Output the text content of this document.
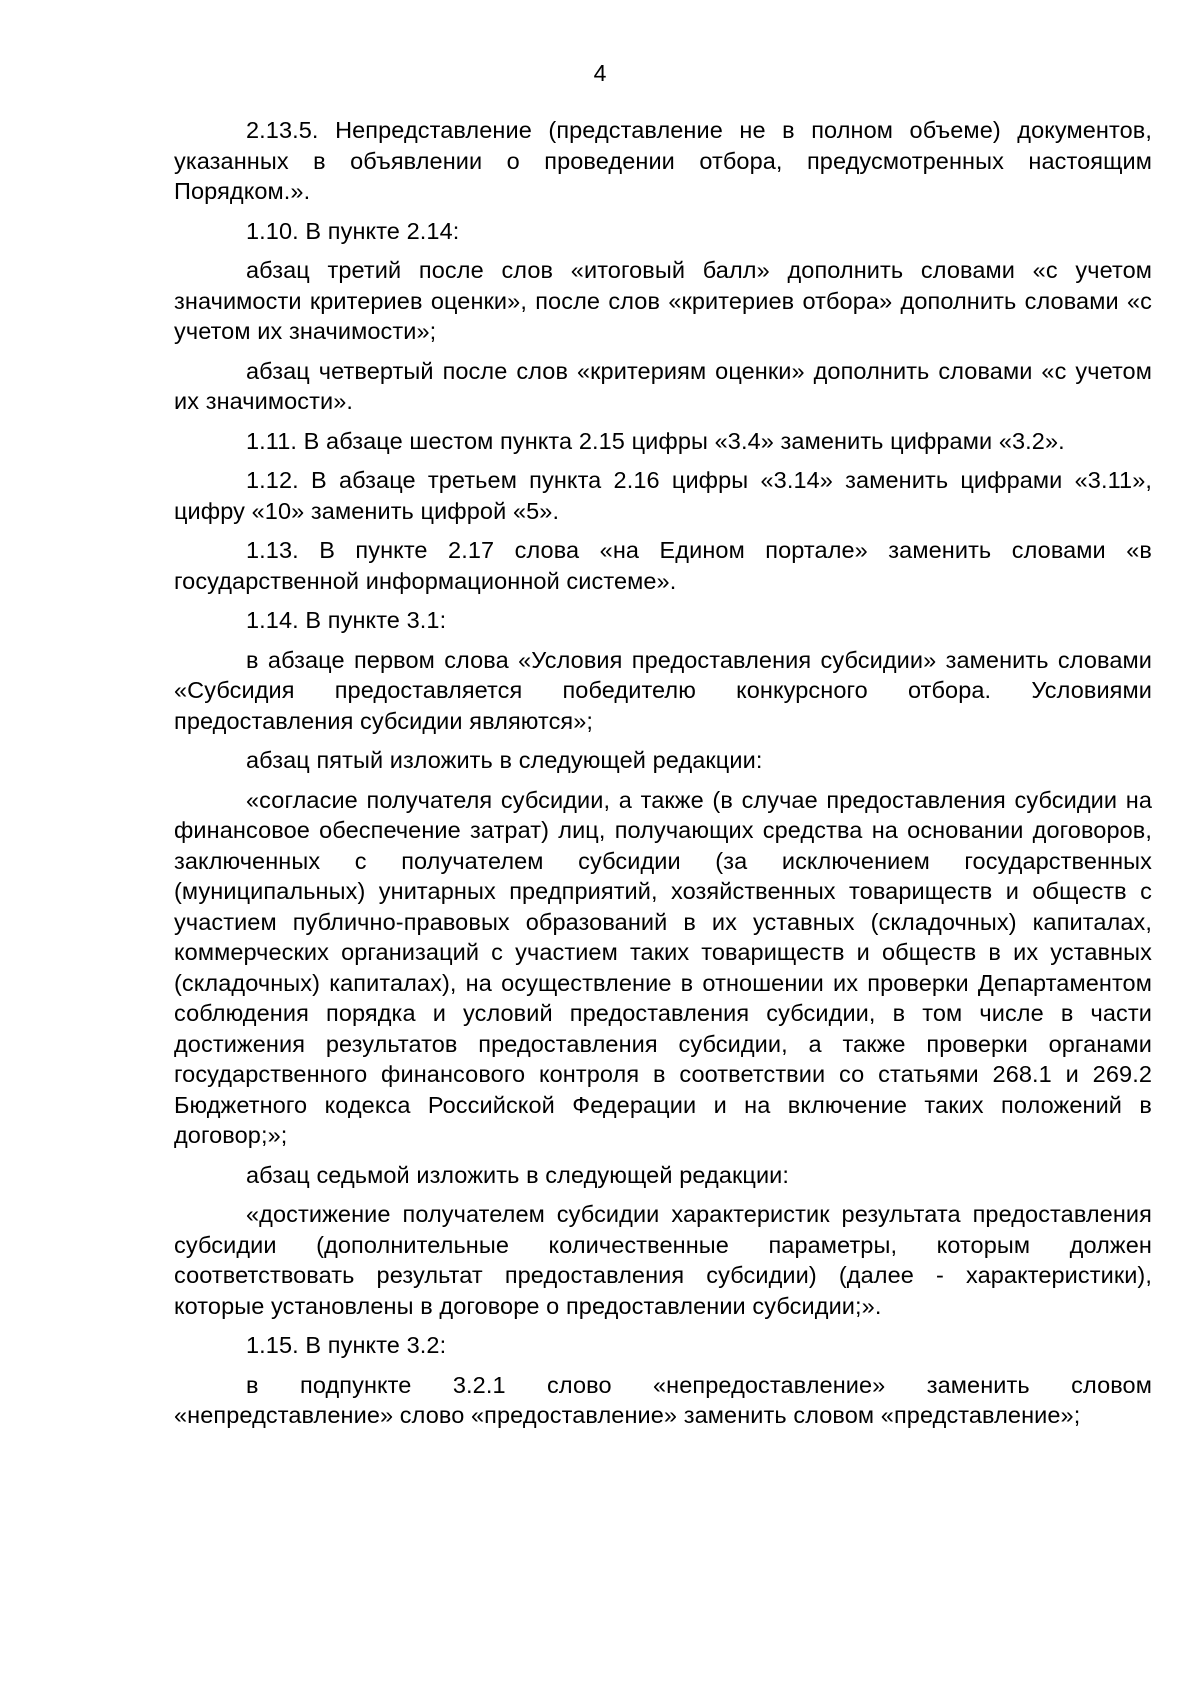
4

2.13.5. Непредставление (представление не в полном объеме) документов, указанных в объявлении о проведении отбора, предусмотренных настоящим Порядком.».

1.10. В пункте 2.14:

абзац третий после слов «итоговый балл» дополнить словами «с учетом значимости критериев оценки», после слов «критериев отбора» дополнить словами «с учетом их значимости»;

абзац четвертый после слов «критериям оценки» дополнить словами «с учетом их значимости».

1.11. В абзаце шестом пункта 2.15 цифры «3.4» заменить цифрами «3.2».

1.12. В абзаце третьем пункта 2.16 цифры «3.14» заменить цифрами «3.11», цифру «10» заменить цифрой «5».

1.13. В пункте 2.17 слова «на Едином портале» заменить словами «в государственной информационной системе».

1.14. В пункте 3.1:

в абзаце первом слова «Условия предоставления субсидии» заменить словами «Субсидия предоставляется победителю конкурсного отбора. Условиями предоставления субсидии являются»;

абзац пятый изложить в следующей редакции:

«согласие получателя субсидии, а также (в случае предоставления субсидии на финансовое обеспечение затрат) лиц, получающих средства на основании договоров, заключенных с получателем субсидии (за исключением государственных (муниципальных) унитарных предприятий, хозяйственных товариществ и обществ с участием публично-правовых образований в их уставных (складочных) капиталах, коммерческих организаций с участием таких товариществ и обществ в их уставных (складочных) капиталах), на осуществление в отношении их проверки Департаментом соблюдения порядка и условий предоставления субсидии, в том числе в части достижения результатов предоставления субсидии, а также проверки органами государственного финансового контроля в соответствии со статьями 268.1 и 269.2 Бюджетного кодекса Российской Федерации и на включение таких положений в договор;»;

абзац седьмой изложить в следующей редакции:

«достижение получателем субсидии характеристик результата предоставления субсидии (дополнительные количественные параметры, которым должен соответствовать результат предоставления субсидии) (далее - характеристики), которые установлены в договоре о предоставлении субсидии;».

1.15. В пункте 3.2:

в подпункте 3.2.1 слово «непредоставление» заменить словом «непредставление» слово «предоставление» заменить словом «представление»;
